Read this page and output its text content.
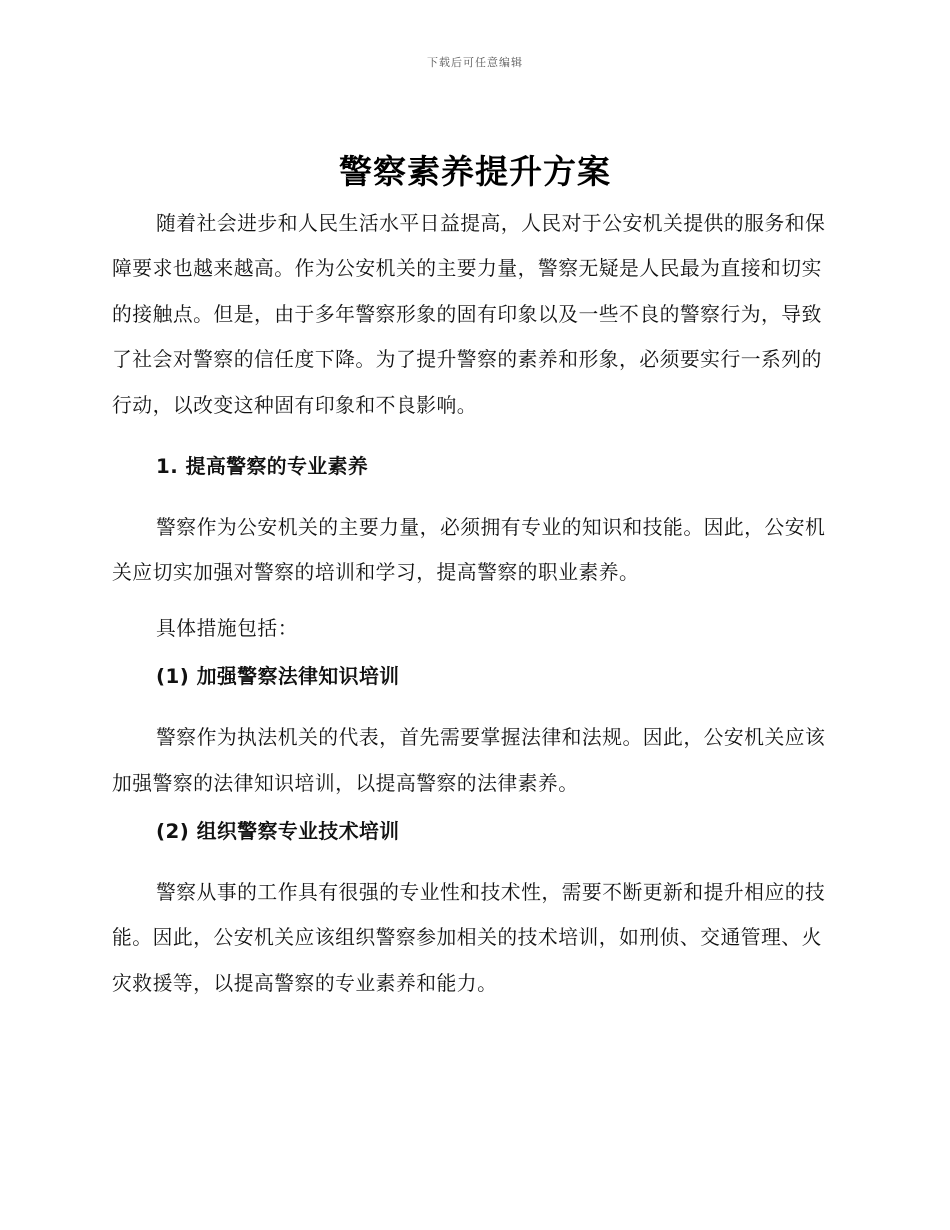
下载后可任意编辑
警察素养提升方案

随着社会进步和人民生活水平日益提高，人民对于公安机关提供的服务和保障要求也越来越高。作为公安机关的主要力量，警察无疑是人民最为直接和切实的接触点。但是，由于多年警察形象的固有印象以及一些不良的警察行为，导致了社会对警察的信任度下降。为了提升警察的素养和形象，必须要实行一系列的行动，以改变这种固有印象和不良影响。

1. 提高警察的专业素养

警察作为公安机关的主要力量，必须拥有专业的知识和技能。因此，公安机关应切实加强对警察的培训和学习，提高警察的职业素养。

具体措施包括：

(1) 加强警察法律知识培训

警察作为执法机关的代表，首先需要掌握法律和法规。因此，公安机关应该加强警察的法律知识培训，以提高警察的法律素养。

(2) 组织警察专业技术培训

警察从事的工作具有很强的专业性和技术性，需要不断更新和提升相应的技能。因此，公安机关应该组织警察参加相关的技术培训，如刑侦、交通管理、火灾救援等，以提高警察的专业素养和能力。
